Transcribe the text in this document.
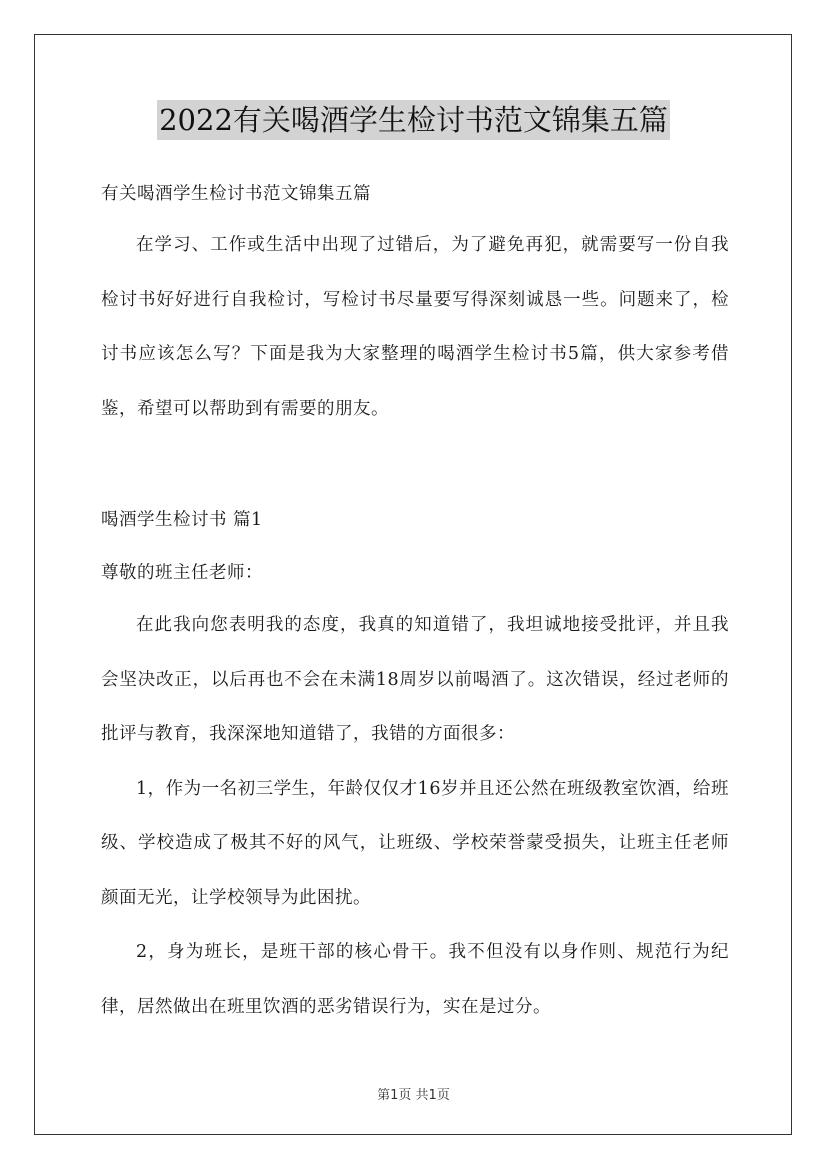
2022有关喝酒学生检讨书范文锦集五篇
有关喝酒学生检讨书范文锦集五篇

在学习、工作或生活中出现了过错后，为了避免再犯，就需要写一份自我检讨书好好进行自我检讨，写检讨书尽量要写得深刻诚恳一些。问题来了，检讨书应该怎么写？下面是我为大家整理的喝酒学生检讨书5篇，供大家参考借鉴，希望可以帮助到有需要的朋友。

喝酒学生检讨书 篇1
尊敬的班主任老师：

在此我向您表明我的态度，我真的知道错了，我坦诚地接受批评，并且我会坚决改正，以后再也不会在未满18周岁以前喝酒了。这次错误，经过老师的批评与教育，我深深地知道错了，我错的方面很多：

1，作为一名初三学生，年龄仅仅才16岁并且还公然在班级教室饮酒，给班级、学校造成了极其不好的风气，让班级、学校荣誉蒙受损失，让班主任老师颜面无光，让学校领导为此困扰。

2，身为班长，是班干部的核心骨干。我不但没有以身作则、规范行为纪律，居然做出在班里饮酒的恶劣错误行为，实在是过分。

第1页 共1页
